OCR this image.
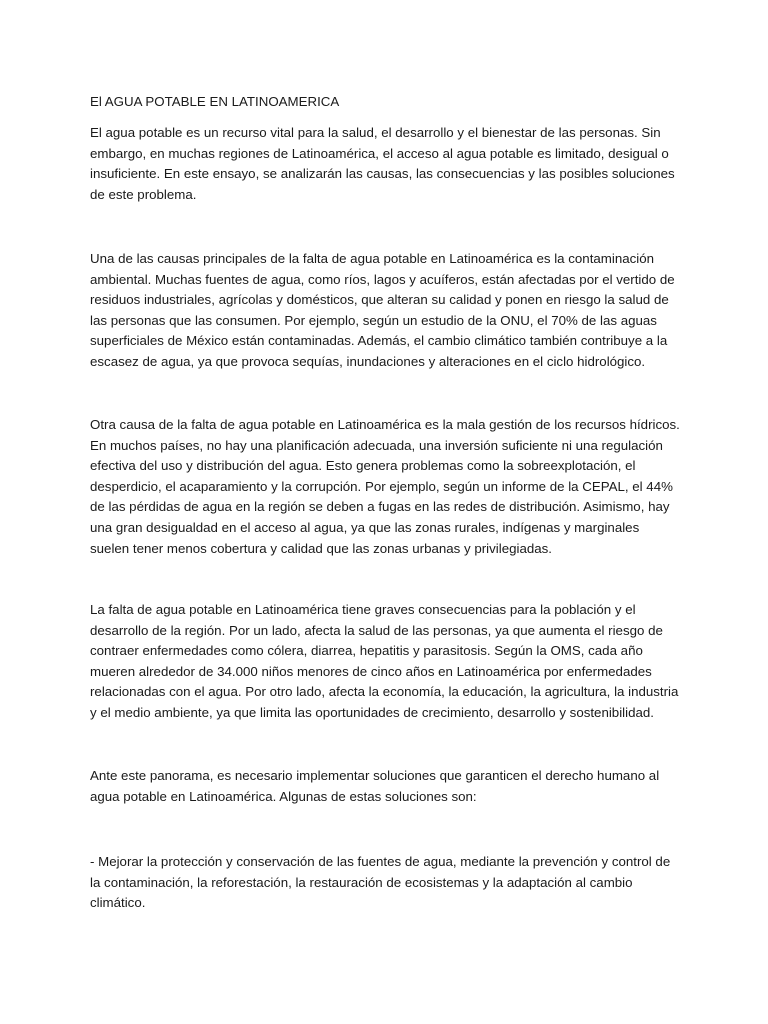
El AGUA POTABLE EN LATINOAMERICA

El agua potable es un recurso vital para la salud, el desarrollo y el bienestar de las personas. Sin embargo, en muchas regiones de Latinoamérica, el acceso al agua potable es limitado, desigual o insuficiente. En este ensayo, se analizarán las causas, las consecuencias y las posibles soluciones de este problema.

Una de las causas principales de la falta de agua potable en Latinoamérica es la contaminación ambiental. Muchas fuentes de agua, como ríos, lagos y acuíferos, están afectadas por el vertido de residuos industriales, agrícolas y domésticos, que alteran su calidad y ponen en riesgo la salud de las personas que las consumen. Por ejemplo, según un estudio de la ONU, el 70% de las aguas superficiales de México están contaminadas. Además, el cambio climático también contribuye a la escasez de agua, ya que provoca sequías, inundaciones y alteraciones en el ciclo hidrológico.

Otra causa de la falta de agua potable en Latinoamérica es la mala gestión de los recursos hídricos. En muchos países, no hay una planificación adecuada, una inversión suficiente ni una regulación efectiva del uso y distribución del agua. Esto genera problemas como la sobreexplotación, el desperdicio, el acaparamiento y la corrupción. Por ejemplo, según un informe de la CEPAL, el 44% de las pérdidas de agua en la región se deben a fugas en las redes de distribución. Asimismo, hay una gran desigualdad en el acceso al agua, ya que las zonas rurales, indígenas y marginales suelen tener menos cobertura y calidad que las zonas urbanas y privilegiadas.

La falta de agua potable en Latinoamérica tiene graves consecuencias para la población y el desarrollo de la región. Por un lado, afecta la salud de las personas, ya que aumenta el riesgo de contraer enfermedades como cólera, diarrea, hepatitis y parasitosis. Según la OMS, cada año mueren alrededor de 34.000 niños menores de cinco años en Latinoamérica por enfermedades relacionadas con el agua. Por otro lado, afecta la economía, la educación, la agricultura, la industria y el medio ambiente, ya que limita las oportunidades de crecimiento, desarrollo y sostenibilidad.

Ante este panorama, es necesario implementar soluciones que garanticen el derecho humano al agua potable en Latinoamérica. Algunas de estas soluciones son:

- Mejorar la protección y conservación de las fuentes de agua, mediante la prevención y control de la contaminación, la reforestación, la restauración de ecosistemas y la adaptación al cambio climático.
